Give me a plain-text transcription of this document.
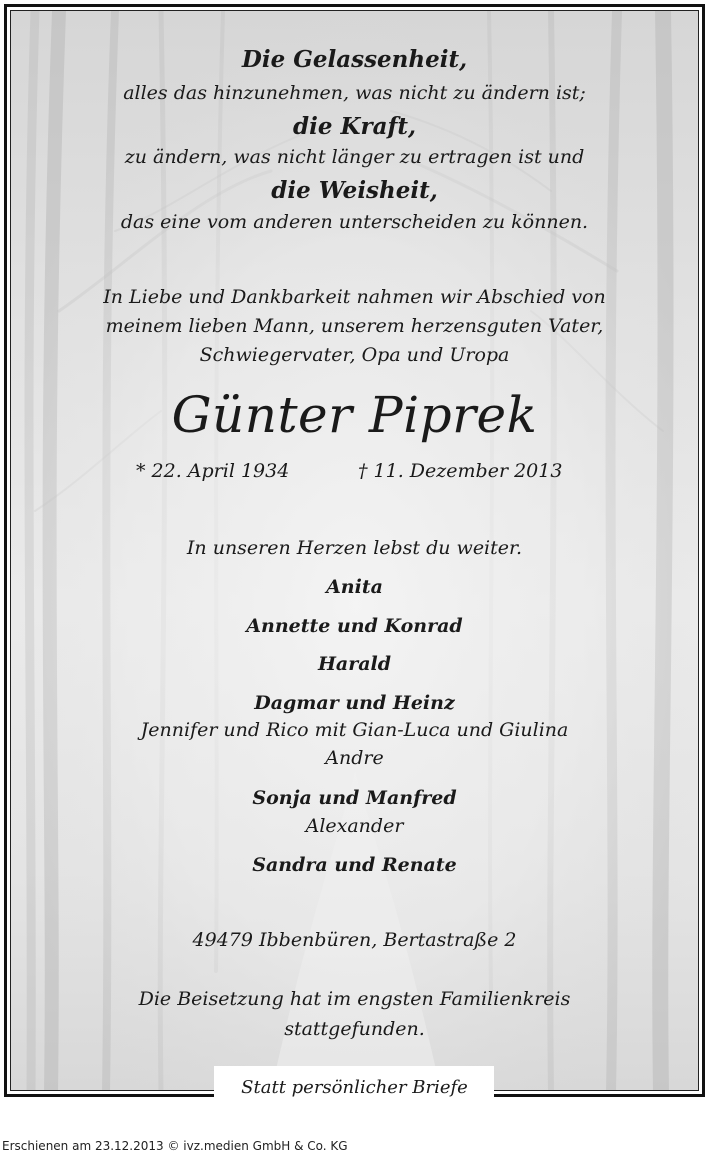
Die Gelassenheit,
alles das hinzunehmen, was nicht zu ändern ist;
die Kraft,
zu ändern, was nicht länger zu ertragen ist und
die Weisheit,
das eine vom anderen unterscheiden zu können.
In Liebe und Dankbarkeit nahmen wir Abschied von
meinem lieben Mann, unserem herzensguten Vater,
Schwiegervater, Opa und Uropa
Günter Piprek
* 22. April 1934	† 11. Dezember 2013
In unseren Herzen lebst du weiter.
Anita
Annette und Konrad
Harald
Dagmar und Heinz
Jennifer und Rico mit Gian-Luca und Giulina
Andre
Sonja und Manfred
Alexander
Sandra und Renate
49479 Ibbenbüren, Bertastraße 2
Die Beisetzung hat im engsten Familienkreis
stattgefunden.
Statt persönlicher Briefe
Erschienen am 23.12.2013 © ivz.medien GmbH & Co. KG
